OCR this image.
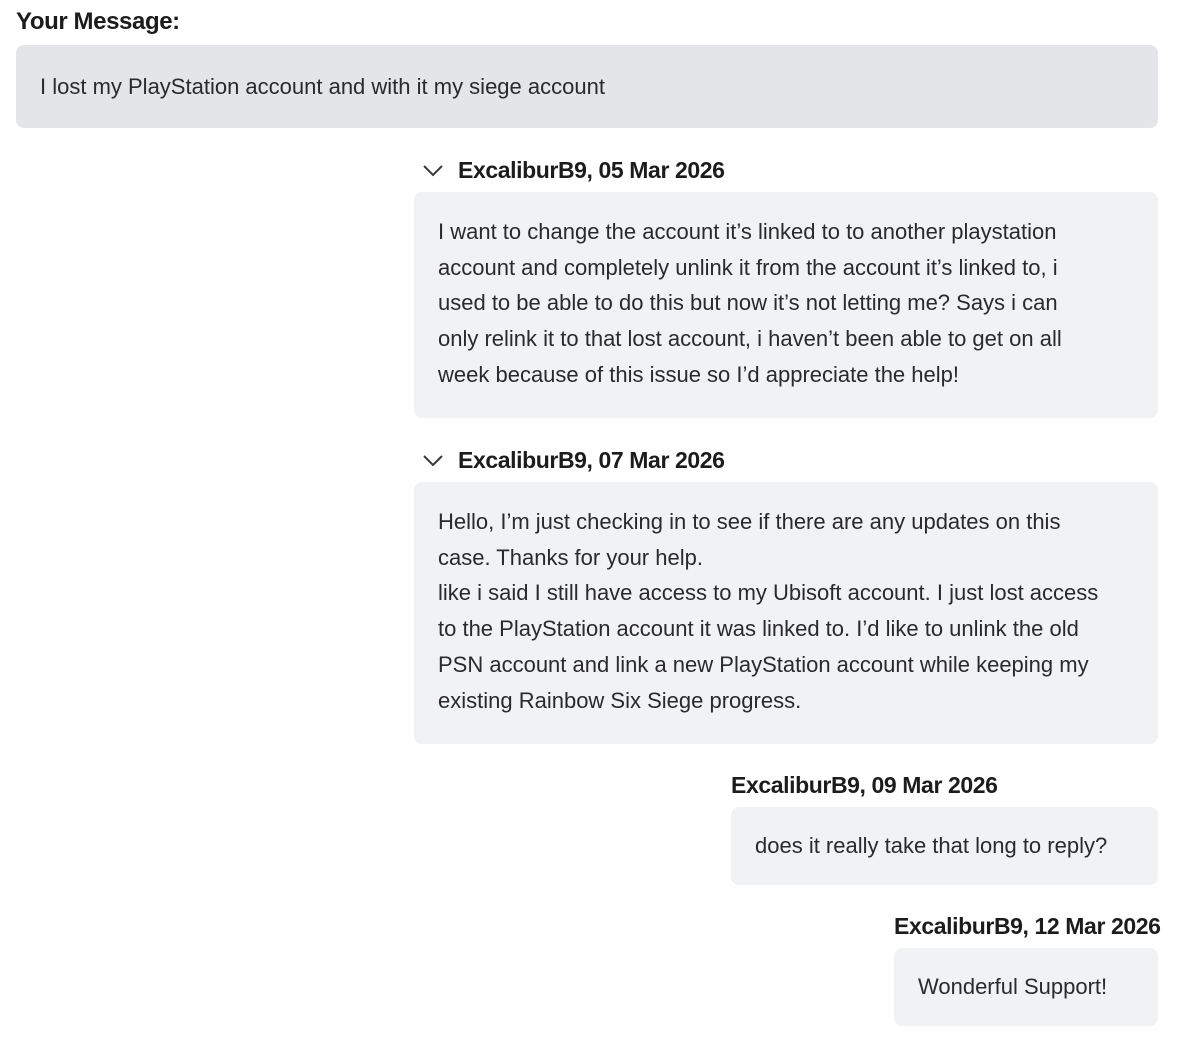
Your Message:
I lost my PlayStation account and with it my siege account
ExcaliburB9, 05 Mar 2026
I want to change the account it’s linked to to another playstation
account and completely unlink it from the account it’s linked to, i
used to be able to do this but now it’s not letting me? Says i can
only relink it to that lost account, i haven’t been able to get on all
week because of this issue so I’d appreciate the help!
ExcaliburB9, 07 Mar 2026
Hello, I’m just checking in to see if there are any updates on this
case. Thanks for your help.
like i said I still have access to my Ubisoft account. I just lost access
to the PlayStation account it was linked to. I’d like to unlink the old
PSN account and link a new PlayStation account while keeping my
existing Rainbow Six Siege progress.
ExcaliburB9, 09 Mar 2026
does it really take that long to reply?
ExcaliburB9, 12 Mar 2026
Wonderful Support!
